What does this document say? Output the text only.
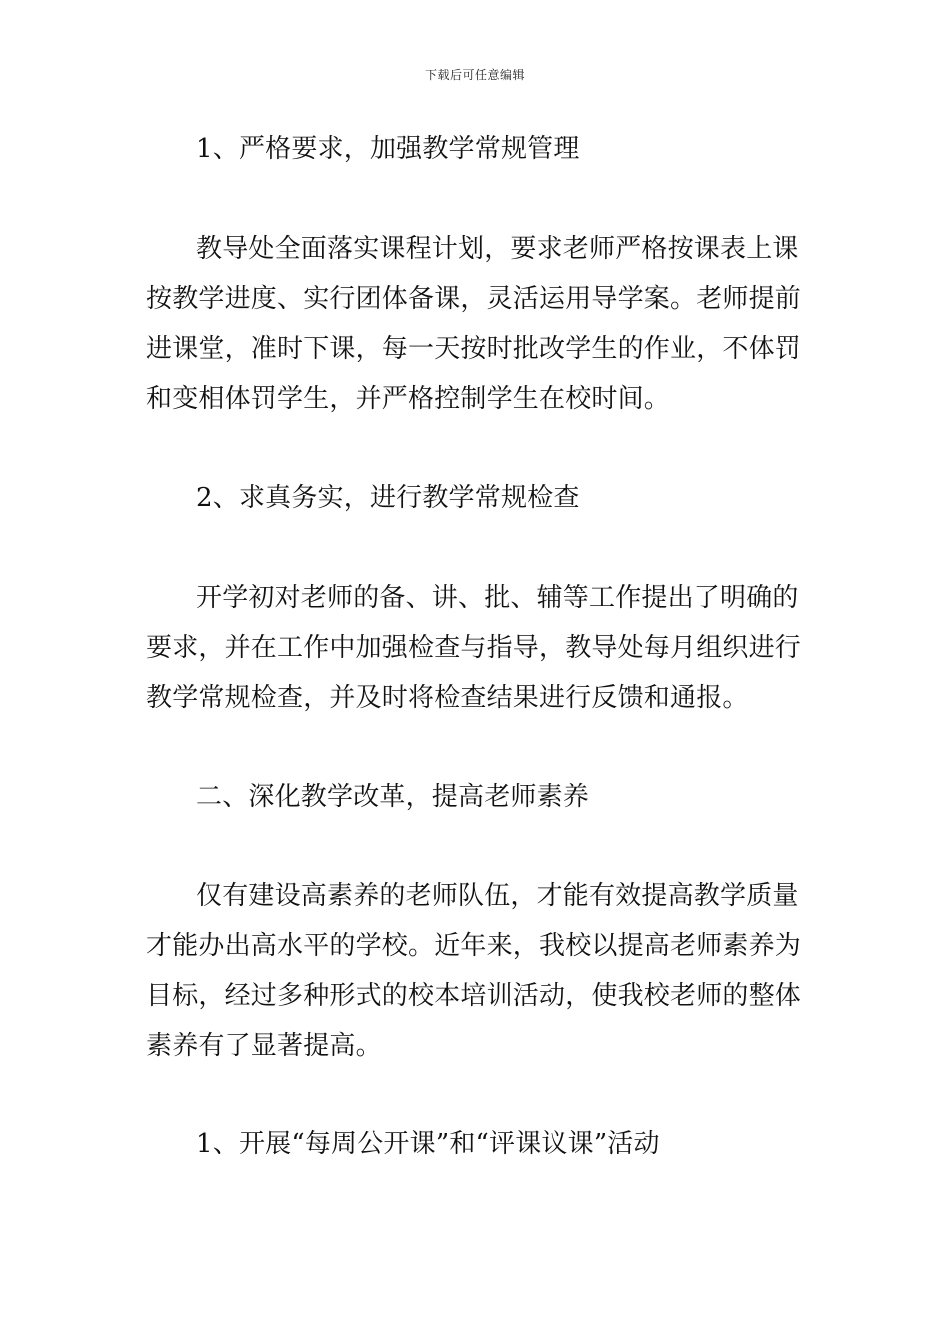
下载后可任意编辑
1、严格要求，加强教学常规管理
教导处全面落实课程计划，要求老师严格按课表上课
按教学进度、实行团体备课，灵活运用导学案。老师提前
进课堂，准时下课，每一天按时批改学生的作业，不体罚
和变相体罚学生，并严格控制学生在校时间。
2、求真务实，进行教学常规检查
开学初对老师的备、讲、批、辅等工作提出了明确的
要求，并在工作中加强检查与指导，教导处每月组织进行
教学常规检查，并及时将检查结果进行反馈和通报。
二、深化教学改革，提高老师素养
仅有建设高素养的老师队伍，才能有效提高教学质量
才能办出高水平的学校。近年来，我校以提高老师素养为
目标，经过多种形式的校本培训活动，使我校老师的整体
素养有了显著提高。
1、开展“每周公开课”和“评课议课”活动
